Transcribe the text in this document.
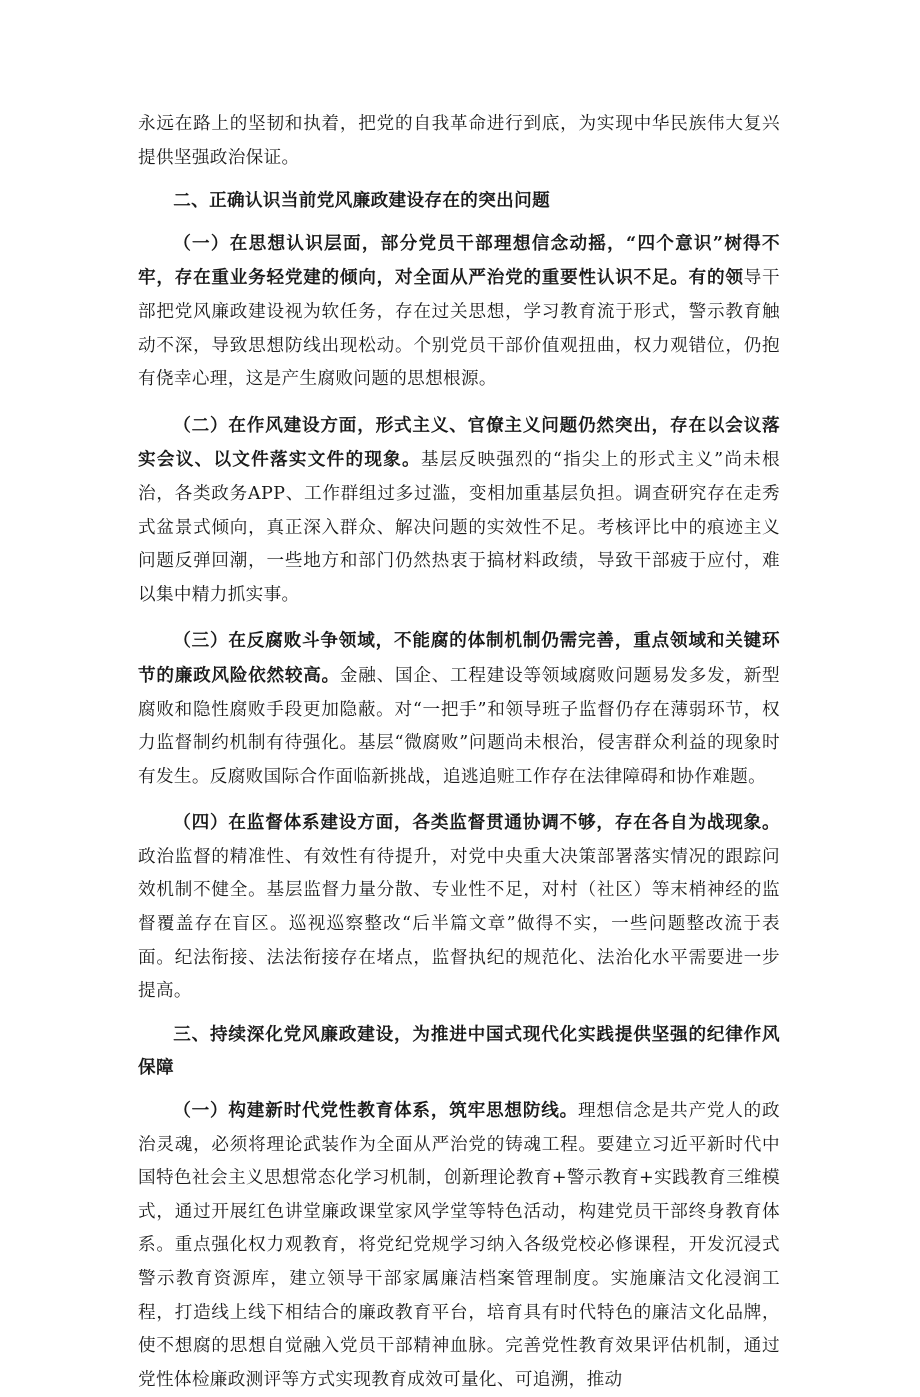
永远在路上的坚韧和执着，把党的自我革命进行到底，为实现中华民族伟大复兴提供坚强政治保证。

二、正确认识当前党风廉政建设存在的突出问题

（一）在思想认识层面，部分党员干部理想信念动摇，“四个意识”树得不牢，存在重业务轻党建的倾向，对全面从严治党的重要性认识不足。有的领导干部把党风廉政建设视为软任务，存在过关思想，学习教育流于形式，警示教育触动不深，导致思想防线出现松动。个别党员干部价值观扭曲，权力观错位，仍抱有侥幸心理，这是产生腐败问题的思想根源。

（二）在作风建设方面，形式主义、官僚主义问题仍然突出，存在以会议落实会议、以文件落实文件的现象。基层反映强烈的“指尖上的形式主义”尚未根治，各类政务APP、工作群组过多过滥，变相加重基层负担。调查研究存在走秀式盆景式倾向，真正深入群众、解决问题的实效性不足。考核评比中的痕迹主义问题反弹回潮，一些地方和部门仍然热衷于搞材料政绩，导致干部疲于应付，难以集中精力抓实事。

（三）在反腐败斗争领域，不能腐的体制机制仍需完善，重点领域和关键环节的廉政风险依然较高。金融、国企、工程建设等领域腐败问题易发多发，新型腐败和隐性腐败手段更加隐蔽。对“一把手”和领导班子监督仍存在薄弱环节，权力监督制约机制有待强化。基层“微腐败”问题尚未根治，侵害群众利益的现象时有发生。反腐败国际合作面临新挑战，追逃追赃工作存在法律障碍和协作难题。

（四）在监督体系建设方面，各类监督贯通协调不够，存在各自为战现象。政治监督的精准性、有效性有待提升，对党中央重大决策部署落实情况的跟踪问效机制不健全。基层监督力量分散、专业性不足，对村（社区）等末梢神经的监督覆盖存在盲区。巡视巡察整改“后半篇文章”做得不实，一些问题整改流于表面。纪法衔接、法法衔接存在堵点，监督执纪的规范化、法治化水平需要进一步提高。

三、持续深化党风廉政建设，为推进中国式现代化实践提供坚强的纪律作风保障

（一）构建新时代党性教育体系，筑牢思想防线。理想信念是共产党人的政治灵魂，必须将理论武装作为全面从严治党的铸魂工程。要建立习近平新时代中国特色社会主义思想常态化学习机制，创新理论教育+警示教育+实践教育三维模式，通过开展红色讲堂廉政课堂家风学堂等特色活动，构建党员干部终身教育体系。重点强化权力观教育，将党纪党规学习纳入各级党校必修课程，开发沉浸式警示教育资源库，建立领导干部家属廉洁档案管理制度。实施廉洁文化浸润工程，打造线上线下相结合的廉政教育平台，培育具有时代特色的廉洁文化品牌，使不想腐的思想自觉融入党员干部精神血脉。完善党性教育效果评估机制，通过党性体检廉政测评等方式实现教育成效可量化、可追溯，推动
